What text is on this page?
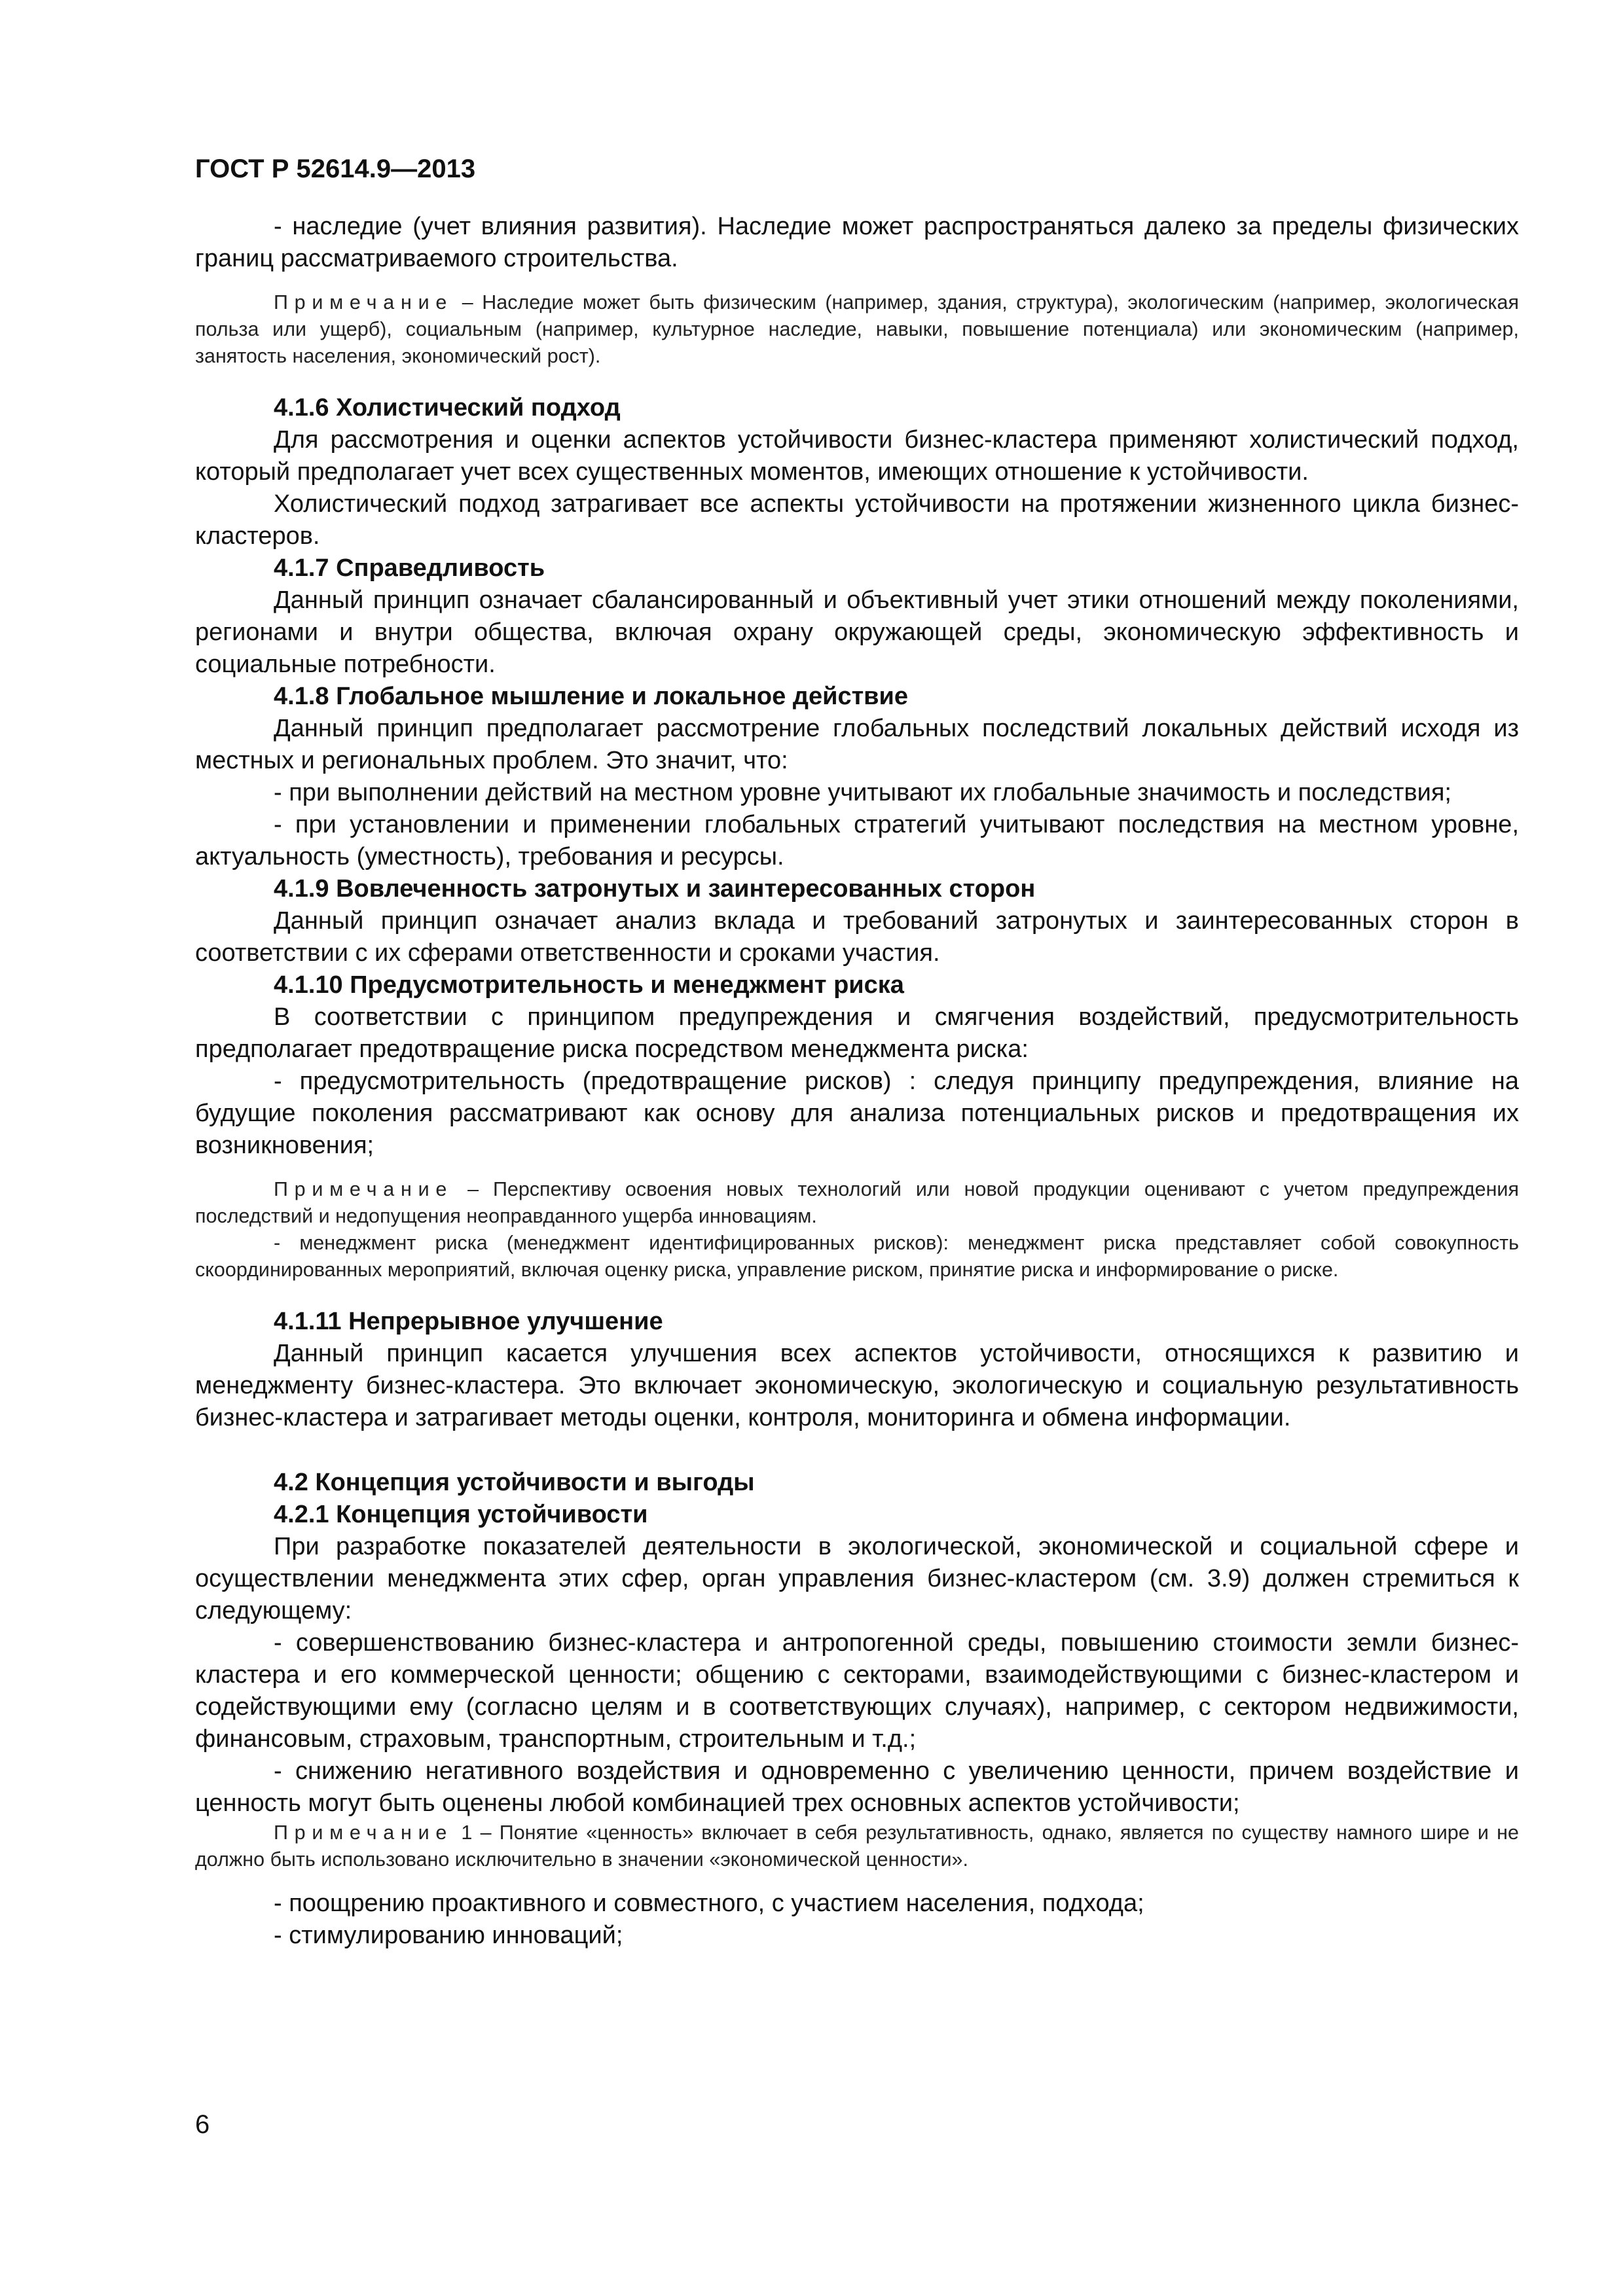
ГОСТ Р 52614.9—2013

- наследие (учет влияния развития). Наследие может распространяться далеко за пределы физических границ рассматриваемого строительства.

Примечание – Наследие может быть физическим (например, здания, структура), экологическим (например, экологическая польза или ущерб), социальным (например, культурное наследие, навыки, повышение потенциала) или экономическим (например, занятость населения, экономический рост).

4.1.6 Холистический подход

Для рассмотрения и оценки аспектов устойчивости бизнес-кластера применяют холистический подход, который предполагает учет всех существенных моментов, имеющих отношение к устойчивости.

Холистический подход затрагивает все аспекты устойчивости на протяжении жизненного цикла бизнес-кластеров.

4.1.7 Справедливость

Данный принцип означает сбалансированный и объективный учет этики отношений между поколениями, регионами и внутри общества, включая охрану окружающей среды, экономическую эффективность и социальные потребности.

4.1.8 Глобальное мышление и локальное действие

Данный принцип предполагает рассмотрение глобальных последствий локальных действий исходя из местных и региональных проблем. Это значит, что:

- при выполнении действий на местном уровне учитывают их глобальные значимость и последствия;

- при установлении и применении глобальных стратегий учитывают последствия на местном уровне, актуальность (уместность), требования и ресурсы.

4.1.9 Вовлеченность затронутых и заинтересованных сторон

Данный принцип означает анализ вклада и требований затронутых и заинтересованных сторон в соответствии с их сферами ответственности и сроками участия.

4.1.10 Предусмотрительность и менеджмент риска

В соответствии с принципом предупреждения и смягчения воздействий, предусмотрительность предполагает предотвращение риска посредством менеджмента риска:

- предусмотрительность (предотвращение рисков) : следуя принципу предупреждения, влияние на будущие поколения рассматривают как основу для анализа потенциальных рисков и предотвращения их возникновения;

Примечание – Перспективу освоения новых технологий или новой продукции оценивают с учетом предупреждения последствий и недопущения неоправданного ущерба инновациям.

- менеджмент риска (менеджмент идентифицированных рисков): менеджмент риска представляет собой совокупность скоординированных мероприятий, включая оценку риска, управление риском, принятие риска и информирование о риске.

4.1.11 Непрерывное улучшение

Данный принцип касается улучшения всех аспектов устойчивости, относящихся к развитию и менеджменту бизнес-кластера. Это включает экономическую, экологическую и социальную результативность бизнес-кластера и затрагивает методы оценки, контроля, мониторинга и обмена информации.

4.2 Концепция устойчивости и выгоды

4.2.1 Концепция устойчивости

При разработке показателей деятельности в экологической, экономической и социальной сфере и осуществлении менеджмента этих сфер, орган управления бизнес-кластером (см. 3.9) должен стремиться к следующему:

- совершенствованию бизнес-кластера и антропогенной среды, повышению стоимости земли бизнес-кластера и его коммерческой ценности; общению с секторами, взаимодействующими с бизнес-кластером и содействующими ему (согласно целям и в соответствующих случаях), например, с сектором недвижимости, финансовым, страховым, транспортным, строительным и т.д.;

- снижению негативного воздействия и одновременно с увеличению ценности, причем воздействие и ценность могут быть оценены любой комбинацией трех основных аспектов устойчивости;

Примечание 1 – Понятие «ценность» включает в себя результативность, однако, является по существу намного шире и не должно быть использовано исключительно в значении «экономической ценности».

- поощрению проактивного и совместного, с участием населения, подхода;

- стимулированию инноваций;

6
